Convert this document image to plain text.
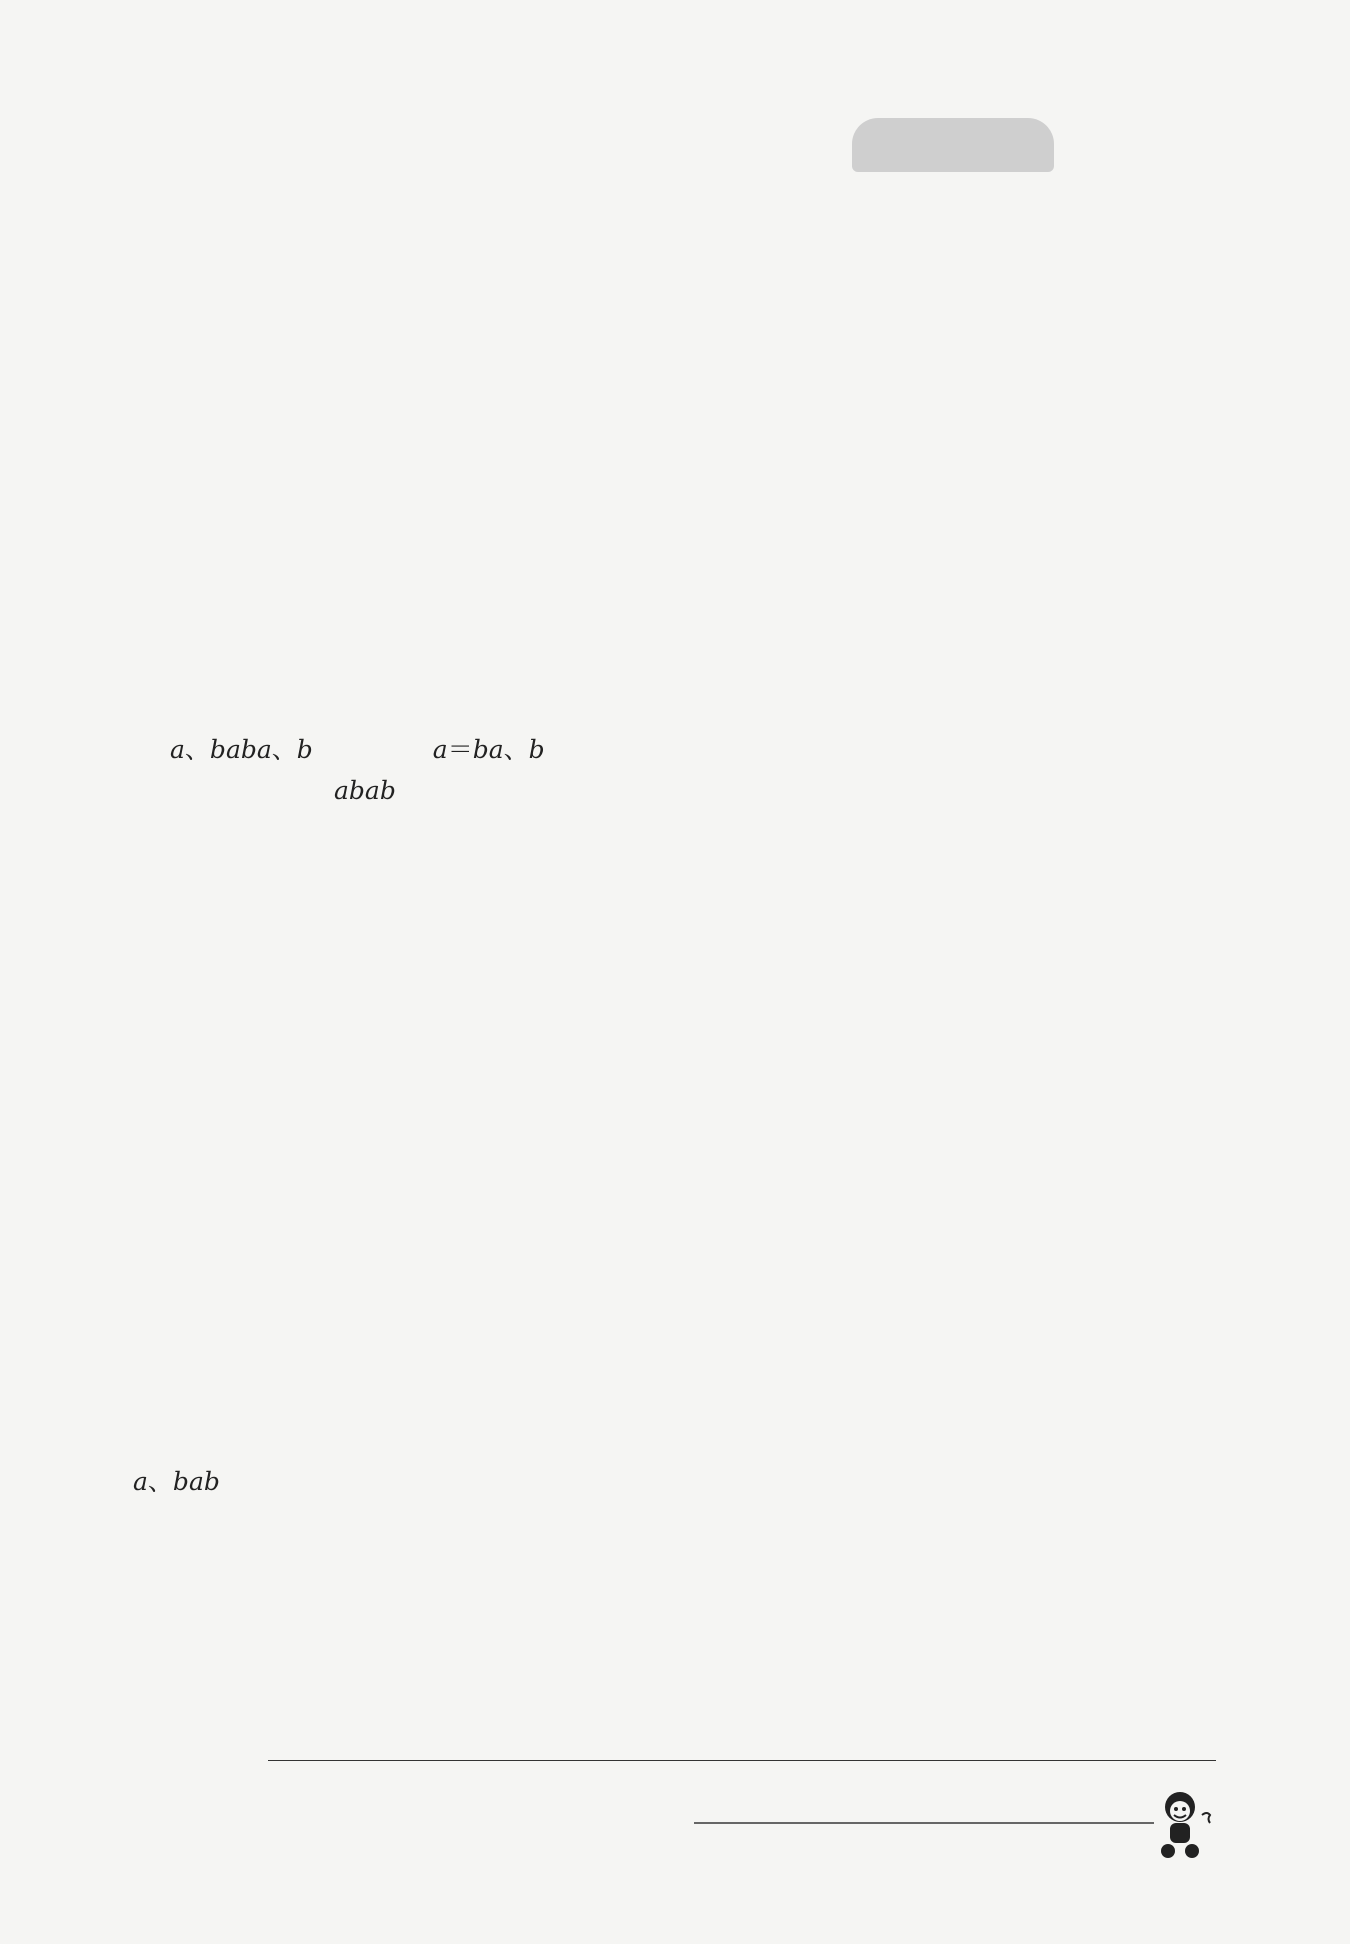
a、baba、b	a＝ba、b
abab
a、bab
